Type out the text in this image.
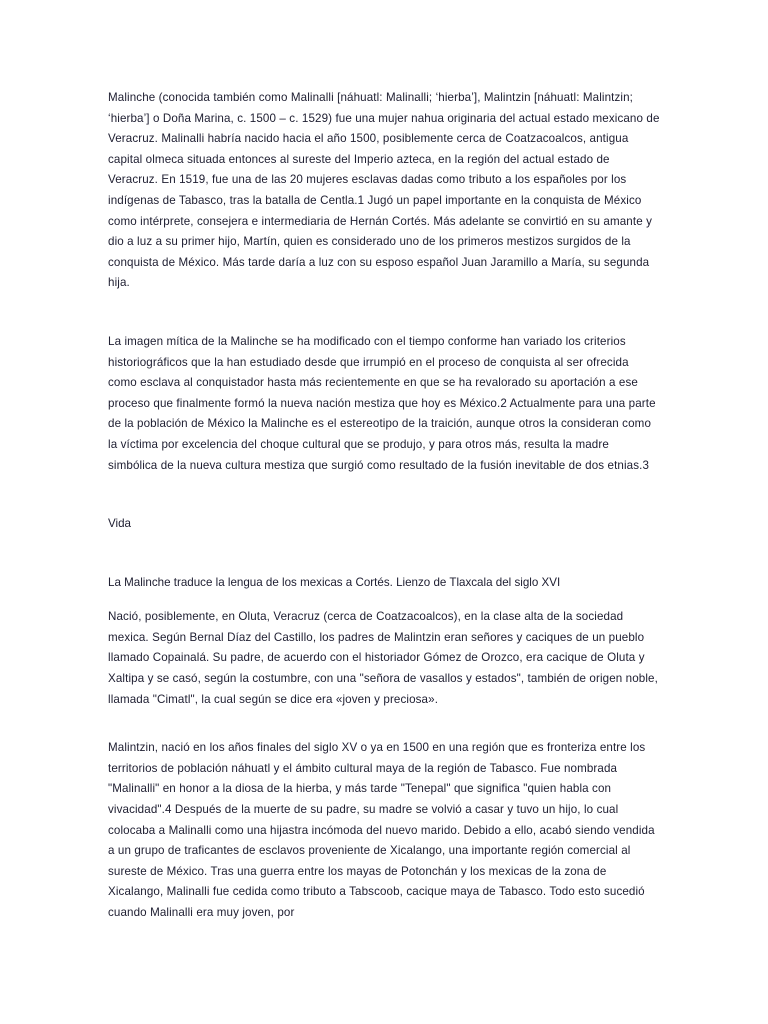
Malinche (conocida también como Malinalli [náhuatl: Malinalli; ‘hierba’], Malintzin [náhuatl: Malintzin; ‘hierba’] o Doña Marina, c. 1500 – c. 1529) fue una mujer nahua originaria del actual estado mexicano de Veracruz. Malinalli habría nacido hacia el año 1500, posiblemente cerca de Coatzacoalcos, antigua capital olmeca situada entonces al sureste del Imperio azteca, en la región del actual estado de Veracruz. En 1519, fue una de las 20 mujeres esclavas dadas como tributo a los españoles por los indígenas de Tabasco, tras la batalla de Centla.1 Jugó un papel importante en la conquista de México como intérprete, consejera e intermediaria de Hernán Cortés. Más adelante se convirtió en su amante y dio a luz a su primer hijo, Martín, quien es considerado uno de los primeros mestizos surgidos de la conquista de México. Más tarde daría a luz con su esposo español Juan Jaramillo a María, su segunda hija.

La imagen mítica de la Malinche se ha modificado con el tiempo conforme han variado los criterios historiográficos que la han estudiado desde que irrumpió en el proceso de conquista al ser ofrecida como esclava al conquistador hasta más recientemente en que se ha revalorado su aportación a ese proceso que finalmente formó la nueva nación mestiza que hoy es México.2 Actualmente para una parte de la población de México la Malinche es el estereotipo de la traición, aunque otros la consideran como la víctima por excelencia del choque cultural que se produjo, y para otros más, resulta la madre simbólica de la nueva cultura mestiza que surgió como resultado de la fusión inevitable de dos etnias.3

Vida

La Malinche traduce la lengua de los mexicas a Cortés. Lienzo de Tlaxcala del siglo XVI

Nació, posiblemente, en Oluta, Veracruz (cerca de Coatzacoalcos), en la clase alta de la sociedad mexica. Según Bernal Díaz del Castillo, los padres de Malintzin eran señores y caciques de un pueblo llamado Copainalá. Su padre, de acuerdo con el historiador Gómez de Orozco, era cacique de Oluta y Xaltipa y se casó, según la costumbre, con una "señora de vasallos y estados", también de origen noble, llamada "Cimatl", la cual según se dice era «joven y preciosa».

Malintzin, nació en los años finales del siglo XV o ya en 1500 en una región que es fronteriza entre los territorios de población náhuatl y el ámbito cultural maya de la región de Tabasco. Fue nombrada "Malinalli" en honor a la diosa de la hierba, y más tarde "Tenepal" que significa "quien habla con vivacidad".4 Después de la muerte de su padre, su madre se volvió a casar y tuvo un hijo, lo cual colocaba a Malinalli como una hijastra incómoda del nuevo marido. Debido a ello, acabó siendo vendida a un grupo de traficantes de esclavos proveniente de Xicalango, una importante región comercial al sureste de México. Tras una guerra entre los mayas de Potonchán y los mexicas de la zona de Xicalango, Malinalli fue cedida como tributo a Tabscoob, cacique maya de Tabasco. Todo esto sucedió cuando Malinalli era muy joven, por
